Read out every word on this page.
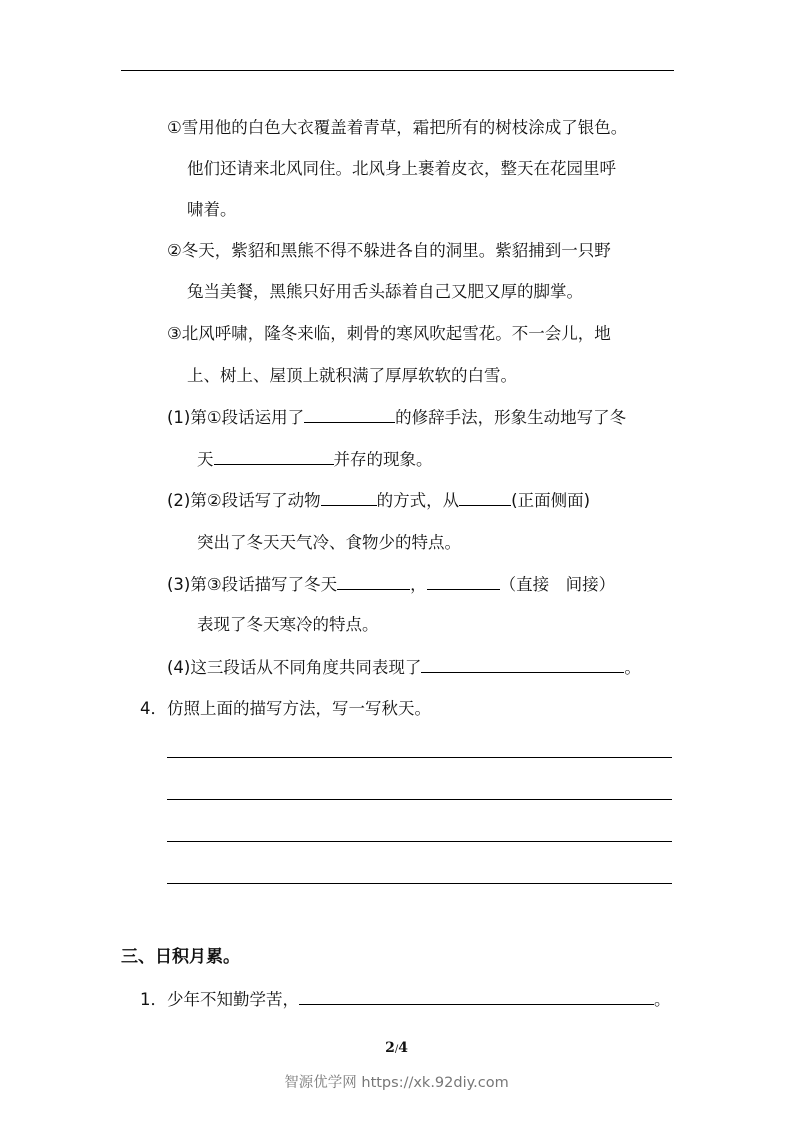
①雪用他的白色大衣覆盖着青草，霜把所有的树枝涂成了银色。
他们还请来北风同住。北风身上裹着皮衣，整天在花园里呼
啸着。
②冬天，紫貂和黑熊不得不躲进各自的洞里。紫貂捕到一只野
兔当美餐，黑熊只好用舌头舔着自己又肥又厚的脚掌。
③北风呼啸，隆冬来临，刺骨的寒风吹起雪花。不一会儿，地
上、树上、屋顶上就积满了厚厚软软的白雪。
(1)第①段话运用了	的修辞手法，形象生动地写了冬
天	并存的现象。
(2)第②段话写了动物	的方式，从	(正面侧面)
突出了冬天天气冷、食物少的特点。
(3)第③段话描写了冬天	，	（直接　间接）
表现了冬天寒冷的特点。
(4)这三段话从不同角度共同表现了	。
4．仿照上面的描写方法，写一写秋天。
三、日积月累。
1．少年不知勤学苦，	。
2/4
智源优学网 https://xk.92diy.com
